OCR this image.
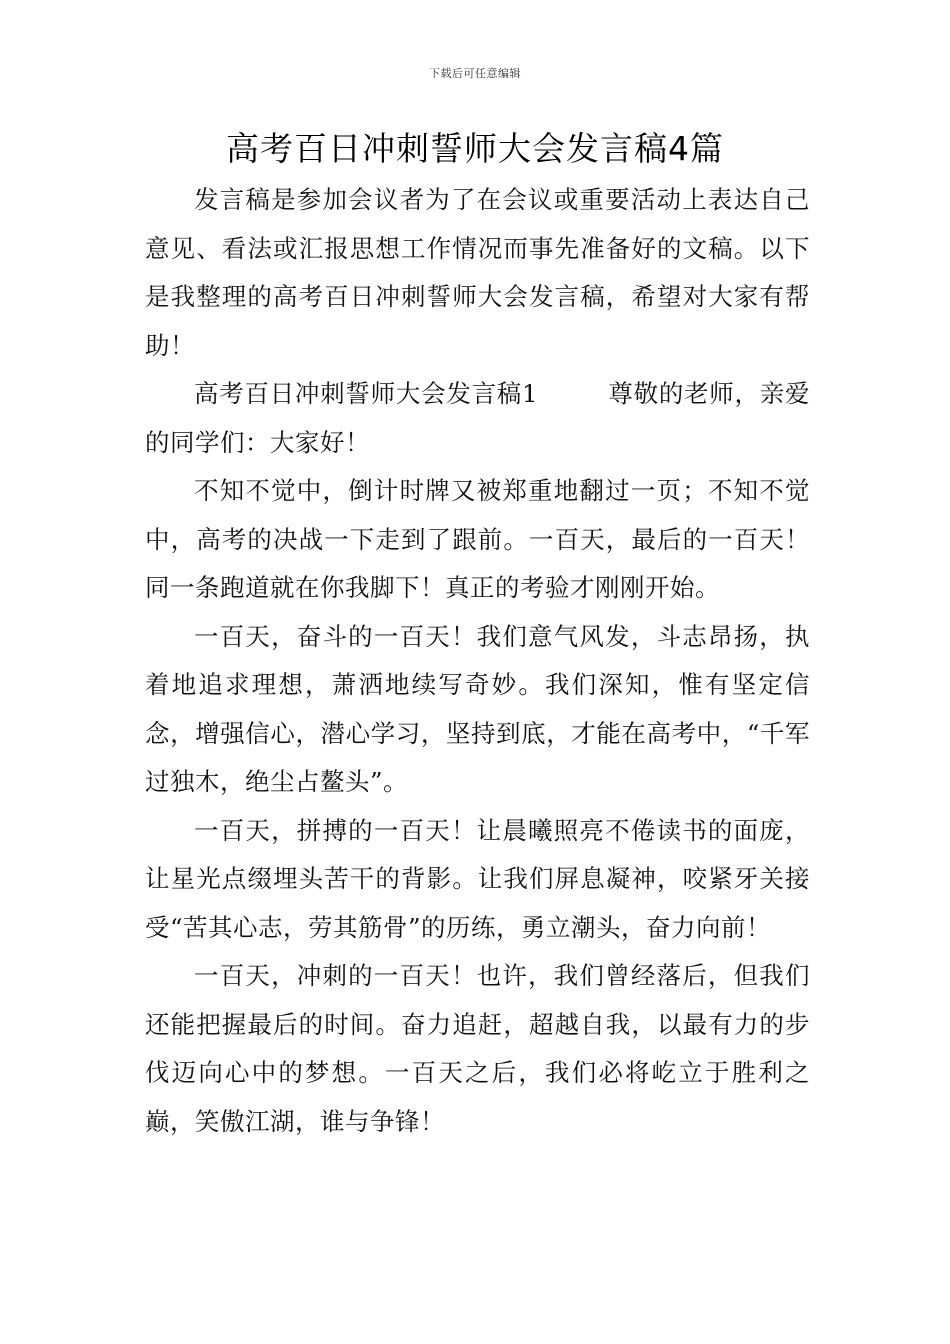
下载后可任意编辑
高考百日冲刺誓师大会发言稿4篇

发言稿是参加会议者为了在会议或重要活动上表达自己意见、看法或汇报思想工作情况而事先准备好的文稿。以下是我整理的高考百日冲刺誓师大会发言稿，希望对大家有帮助！

高考百日冲刺誓师大会发言稿1	尊敬的老师，亲爱的同学们：大家好！

不知不觉中，倒计时牌又被郑重地翻过一页；不知不觉中，高考的决战一下走到了跟前。一百天，最后的一百天！同一条跑道就在你我脚下！真正的考验才刚刚开始。

一百天，奋斗的一百天！我们意气风发，斗志昂扬，执着地追求理想，萧洒地续写奇妙。我们深知，惟有坚定信念，增强信心，潜心学习，坚持到底，才能在高考中，“千军过独木，绝尘占鳌头”。

一百天，拼搏的一百天！让晨曦照亮不倦读书的面庞，让星光点缀埋头苦干的背影。让我们屏息凝神，咬紧牙关接受“苦其心志，劳其筋骨”的历练，勇立潮头，奋力向前！

一百天，冲刺的一百天！也许，我们曾经落后，但我们还能把握最后的时间。奋力追赶，超越自我，以最有力的步伐迈向心中的梦想。一百天之后，我们必将屹立于胜利之巅，笑傲江湖，谁与争锋！
